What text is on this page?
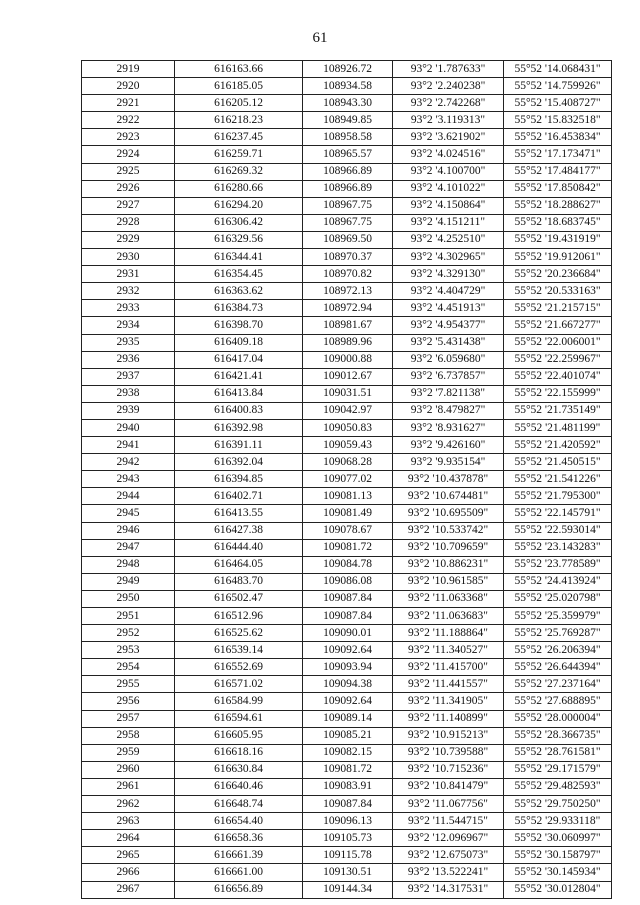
61
2919	616163.66	108926.72	93°2 '1.787633"	55°52 '14.068431"
2920	616185.05	108934.58	93°2 '2.240238"	55°52 '14.759926"
2921	616205.12	108943.30	93°2 '2.742268"	55°52 '15.408727"
2922	616218.23	108949.85	93°2 '3.119313"	55°52 '15.832518"
2923	616237.45	108958.58	93°2 '3.621902"	55°52 '16.453834"
2924	616259.71	108965.57	93°2 '4.024516"	55°52 '17.173471"
2925	616269.32	108966.89	93°2 '4.100700"	55°52 '17.484177"
2926	616280.66	108966.89	93°2 '4.101022"	55°52 '17.850842"
2927	616294.20	108967.75	93°2 '4.150864"	55°52 '18.288627"
2928	616306.42	108967.75	93°2 '4.151211"	55°52 '18.683745"
2929	616329.56	108969.50	93°2 '4.252510"	55°52 '19.431919"
2930	616344.41	108970.37	93°2 '4.302965"	55°52 '19.912061"
2931	616354.45	108970.82	93°2 '4.329130"	55°52 '20.236684"
2932	616363.62	108972.13	93°2 '4.404729"	55°52 '20.533163"
2933	616384.73	108972.94	93°2 '4.451913"	55°52 '21.215715"
2934	616398.70	108981.67	93°2 '4.954377"	55°52 '21.667277"
2935	616409.18	108989.96	93°2 '5.431438"	55°52 '22.006001"
2936	616417.04	109000.88	93°2 '6.059680"	55°52 '22.259967"
2937	616421.41	109012.67	93°2 '6.737857"	55°52 '22.401074"
2938	616413.84	109031.51	93°2 '7.821138"	55°52 '22.155999"
2939	616400.83	109042.97	93°2 '8.479827"	55°52 '21.735149"
2940	616392.98	109050.83	93°2 '8.931627"	55°52 '21.481199"
2941	616391.11	109059.43	93°2 '9.426160"	55°52 '21.420592"
2942	616392.04	109068.28	93°2 '9.935154"	55°52 '21.450515"
2943	616394.85	109077.02	93°2 '10.437878"	55°52 '21.541226"
2944	616402.71	109081.13	93°2 '10.674481"	55°52 '21.795300"
2945	616413.55	109081.49	93°2 '10.695509"	55°52 '22.145791"
2946	616427.38	109078.67	93°2 '10.533742"	55°52 '22.593014"
2947	616444.40	109081.72	93°2 '10.709659"	55°52 '23.143283"
2948	616464.05	109084.78	93°2 '10.886231"	55°52 '23.778589"
2949	616483.70	109086.08	93°2 '10.961585"	55°52 '24.413924"
2950	616502.47	109087.84	93°2 '11.063368"	55°52 '25.020798"
2951	616512.96	109087.84	93°2 '11.063683"	55°52 '25.359979"
2952	616525.62	109090.01	93°2 '11.188864"	55°52 '25.769287"
2953	616539.14	109092.64	93°2 '11.340527"	55°52 '26.206394"
2954	616552.69	109093.94	93°2 '11.415700"	55°52 '26.644394"
2955	616571.02	109094.38	93°2 '11.441557"	55°52 '27.237164"
2956	616584.99	109092.64	93°2 '11.341905"	55°52 '27.688895"
2957	616594.61	109089.14	93°2 '11.140899"	55°52 '28.000004"
2958	616605.95	109085.21	93°2 '10.915213"	55°52 '28.366735"
2959	616618.16	109082.15	93°2 '10.739588"	55°52 '28.761581"
2960	616630.84	109081.72	93°2 '10.715236"	55°52 '29.171579"
2961	616640.46	109083.91	93°2 '10.841479"	55°52 '29.482593"
2962	616648.74	109087.84	93°2 '11.067756"	55°52 '29.750250"
2963	616654.40	109096.13	93°2 '11.544715"	55°52 '29.933118"
2964	616658.36	109105.73	93°2 '12.096967"	55°52 '30.060997"
2965	616661.39	109115.78	93°2 '12.675073"	55°52 '30.158797"
2966	616661.00	109130.51	93°2 '13.522241"	55°52 '30.145934"
2967	616656.89	109144.34	93°2 '14.317531"	55°52 '30.012804"
